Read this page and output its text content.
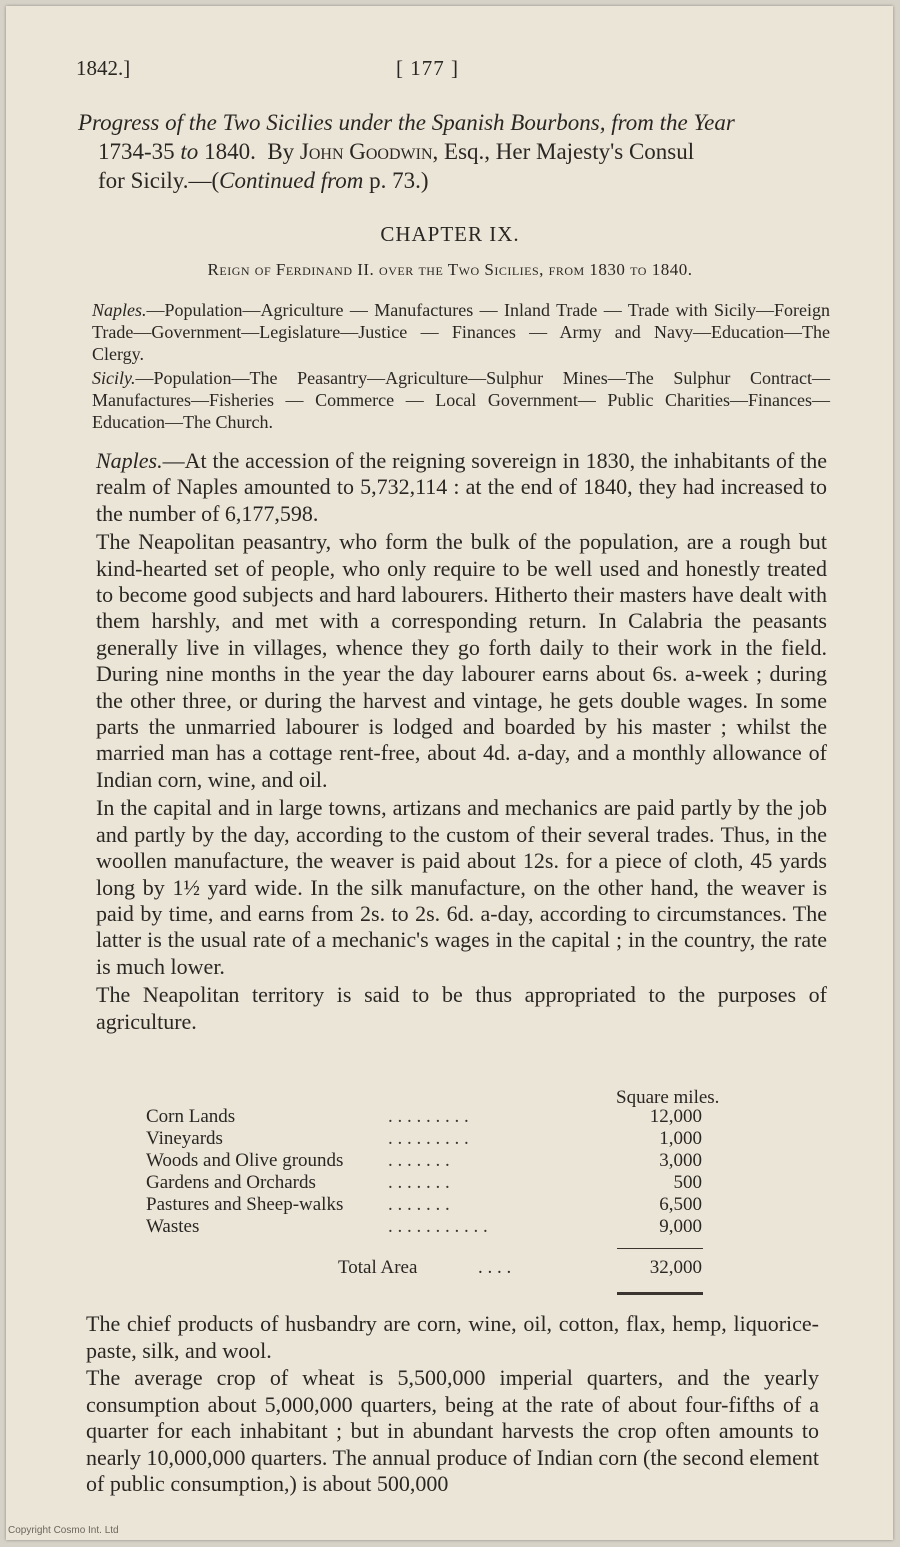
1842.]	[ 177 ]
Progress of the Two Sicilies under the Spanish Bourbons, from the Year
1734-35 to 1840. By John Goodwin, Esq., Her Majesty's Consul
for Sicily.—(Continued from p. 73.)
CHAPTER IX.
Reign of Ferdinand II. over the Two Sicilies, from 1830 to 1840.

Naples.—Population—Agriculture — Manufactures — Inland Trade — Trade with Sicily—Foreign Trade—Government—Legislature—Justice — Finances — Army and Navy—Education—The Clergy.

Sicily.—Population—The Peasantry—Agriculture—Sulphur Mines—The Sulphur Contract—Manufactures—Fisheries — Commerce — Local Government— Public Charities—Finances—Education—The Church.

Naples.—At the accession of the reigning sovereign in 1830, the inhabitants of the realm of Naples amounted to 5,732,114 : at the end of 1840, they had increased to the number of 6,177,598.

The Neapolitan peasantry, who form the bulk of the population, are a rough but kind-hearted set of people, who only require to be well used and honestly treated to become good subjects and hard labourers. Hitherto their masters have dealt with them harshly, and met with a corresponding return. In Calabria the peasants generally live in villages, whence they go forth daily to their work in the field. During nine months in the year the day labourer earns about 6s. a-week ; during the other three, or during the harvest and vintage, he gets double wages. In some parts the unmarried labourer is lodged and boarded by his master ; whilst the married man has a cottage rent-free, about 4d. a-day, and a monthly allowance of Indian corn, wine, and oil.

In the capital and in large towns, artizans and mechanics are paid partly by the job and partly by the day, according to the custom of their several trades. Thus, in the woollen manufacture, the weaver is paid about 12s. for a piece of cloth, 45 yards long by 1½ yard wide. In the silk manufacture, on the other hand, the weaver is paid by time, and earns from 2s. to 2s. 6d. a-day, according to circumstances. The latter is the usual rate of a mechanic's wages in the capital ; in the country, the rate is much lower.

The Neapolitan territory is said to be thus appropriated to the purposes of agriculture.

Square miles.
Corn Lands	. . . . . . . . .	12,000
Vineyards	. . . . . . . . .	1,000
Woods and Olive grounds . . . . . . .	3,000
Gardens and Orchards	. . . . . . .	500
Pastures and Sheep-walks . . . . . . .	6,500
Wastes	. . . . . . . . . . .	9,000
Total Area	. . . .	32,000

The chief products of husbandry are corn, wine, oil, cotton, flax, hemp, liquorice-paste, silk, and wool.

The average crop of wheat is 5,500,000 imperial quarters, and the yearly consumption about 5,000,000 quarters, being at the rate of about four-fifths of a quarter for each inhabitant ; but in abundant harvests the crop often amounts to nearly 10,000,000 quarters. The annual produce of Indian corn (the second element of public consumption,) is about 500,000

Copyright Cosmo Int. Ltd
